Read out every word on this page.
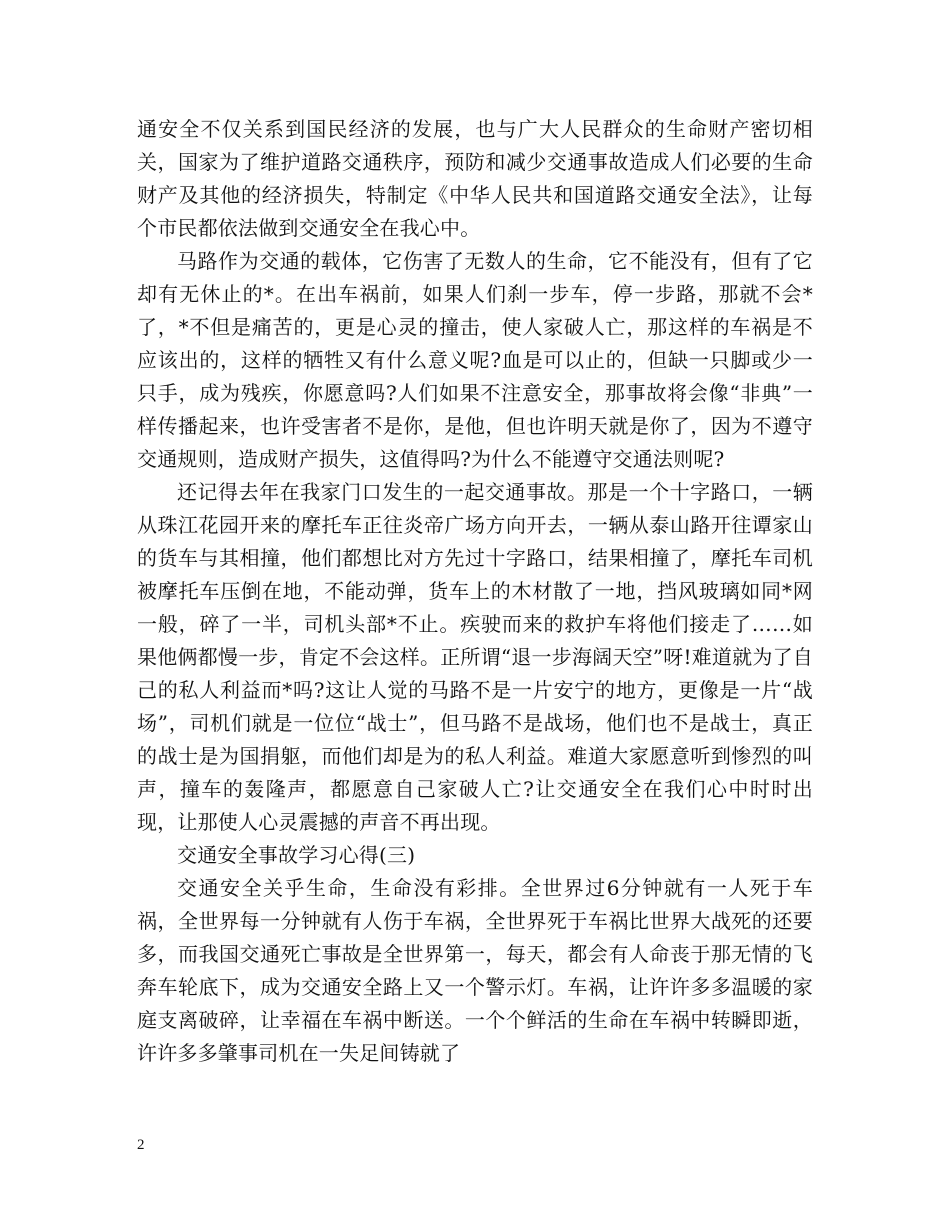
通安全不仅关系到国民经济的发展，也与广大人民群众的生命财产密切相关，国家为了维护道路交通秩序，预防和减少交通事故造成人们必要的生命财产及其他的经济损失，特制定《中华人民共和国道路交通安全法》，让每个市民都依法做到交通安全在我心中。

马路作为交通的载体，它伤害了无数人的生命，它不能没有，但有了它却有无休止的*。在出车祸前，如果人们刹一步车，停一步路，那就不会*了，*不但是痛苦的，更是心灵的撞击，使人家破人亡，那这样的车祸是不应该出的，这样的牺牲又有什么意义呢?血是可以止的，但缺一只脚或少一只手，成为残疾，你愿意吗?人们如果不注意安全，那事故将会像“非典”一样传播起来，也许受害者不是你，是他，但也许明天就是你了，因为不遵守交通规则，造成财产损失，这值得吗?为什么不能遵守交通法则呢?

还记得去年在我家门口发生的一起交通事故。那是一个十字路口，一辆从珠江花园开来的摩托车正往炎帝广场方向开去，一辆从泰山路开往谭家山的货车与其相撞，他们都想比对方先过十字路口，结果相撞了，摩托车司机被摩托车压倒在地，不能动弹，货车上的木材散了一地，挡风玻璃如同*网一般，碎了一半，司机头部*不止。疾驶而来的救护车将他们接走了……如果他俩都慢一步，肯定不会这样。正所谓“退一步海阔天空”呀!难道就为了自己的私人利益而*吗?这让人觉的马路不是一片安宁的地方，更像是一片“战场”，司机们就是一位位“战士”，但马路不是战场，他们也不是战士，真正的战士是为国捐躯，而他们却是为的私人利益。难道大家愿意听到惨烈的叫声，撞车的轰隆声，都愿意自己家破人亡?让交通安全在我们心中时时出现，让那使人心灵震撼的声音不再出现。

交通安全事故学习心得(三)

交通安全关乎生命，生命没有彩排。全世界过6分钟就有一人死于车祸，全世界每一分钟就有人伤于车祸，全世界死于车祸比世界大战死的还要多，而我国交通死亡事故是全世界第一，每天，都会有人命丧于那无情的飞奔车轮底下，成为交通安全路上又一个警示灯。车祸，让许许多多温暖的家庭支离破碎，让幸福在车祸中断送。一个个鲜活的生命在车祸中转瞬即逝，许许多多肇事司机在一失足间铸就了

2
